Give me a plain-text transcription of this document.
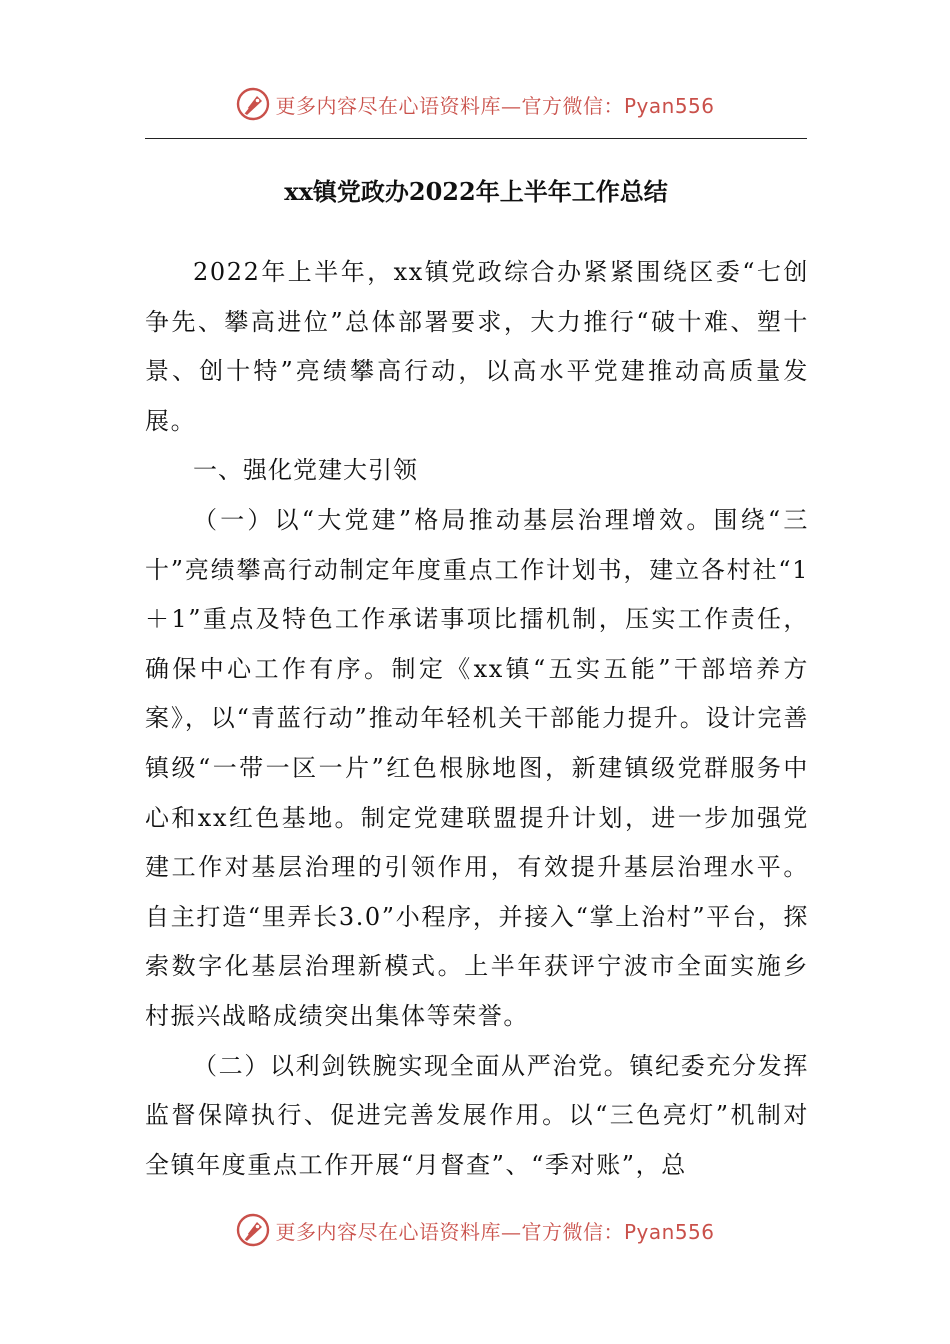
更多内容尽在心语资料库—官方微信：Pyan556
xx镇党政办2022年上半年工作总结

2022年上半年，xx镇党政综合办紧紧围绕区委“七创争先、攀高进位”总体部署要求，大力推行“破十难、塑十景、创十特”亮绩攀高行动，以高水平党建推动高质量发展。

一、强化党建大引领

（一）以“大党建”格局推动基层治理增效。围绕“三十”亮绩攀高行动制定年度重点工作计划书，建立各村社“1＋1”重点及特色工作承诺事项比擂机制，压实工作责任，确保中心工作有序。制定《xx镇“五实五能”干部培养方案》，以“青蓝行动”推动年轻机关干部能力提升。设计完善镇级“一带一区一片”红色根脉地图，新建镇级党群服务中心和xx红色基地。制定党建联盟提升计划，进一步加强党建工作对基层治理的引领作用，有效提升基层治理水平。自主打造“里弄长3.0”小程序，并接入“掌上治村”平台，探索数字化基层治理新模式。上半年获评宁波市全面实施乡村振兴战略成绩突出集体等荣誉。

（二）以利剑铁腕实现全面从严治党。镇纪委充分发挥监督保障执行、促进完善发展作用。以“三色亮灯”机制对全镇年度重点工作开展“月督查”、“季对账”，总

更多内容尽在心语资料库—官方微信：Pyan556
